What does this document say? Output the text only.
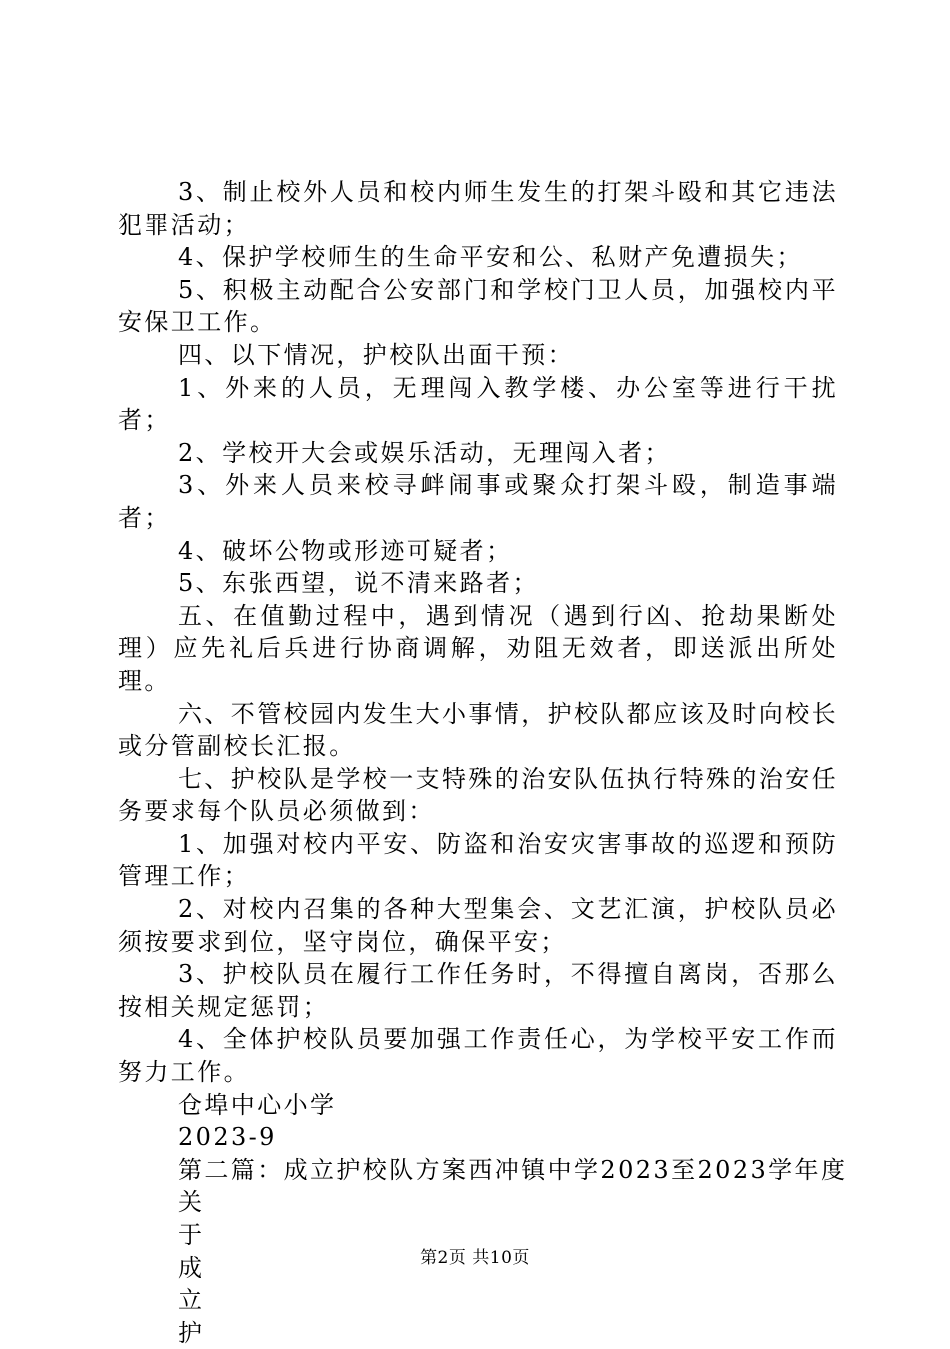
3、制止校外人员和校内师生发生的打架斗殴和其它违法犯罪活动；

4、保护学校师生的生命平安和公、私财产免遭损失；

5、积极主动配合公安部门和学校门卫人员，加强校内平安保卫工作。

四、以下情况，护校队出面干预：

1、外来的人员，无理闯入教学楼、办公室等进行干扰者；

2、学校开大会或娱乐活动，无理闯入者；

3、外来人员来校寻衅闹事或聚众打架斗殴，制造事端者；

4、破坏公物或形迹可疑者；

5、东张西望，说不清来路者；

五、在值勤过程中，遇到情况（遇到行凶、抢劫果断处理）应先礼后兵进行协商调解，劝阻无效者，即送派出所处理。

六、不管校园内发生大小事情，护校队都应该及时向校长或分管副校长汇报。

七、护校队是学校一支特殊的治安队伍执行特殊的治安任务要求每个队员必须做到：

1、加强对校内平安、防盗和治安灾害事故的巡逻和预防管理工作；

2、对校内召集的各种大型集会、文艺汇演，护校队员必须按要求到位，坚守岗位，确保平安；

3、护校队员在履行工作任务时，不得擅自离岗，否那么按相关规定惩罚；

4、全体护校队员要加强工作责任心，为学校平安工作而努力工作。

仓埠中心小学

2023-9

第二篇：成立护校队方案西冲镇中学2023至2023学年度

关

于

成

立

护

第2页 共10页
